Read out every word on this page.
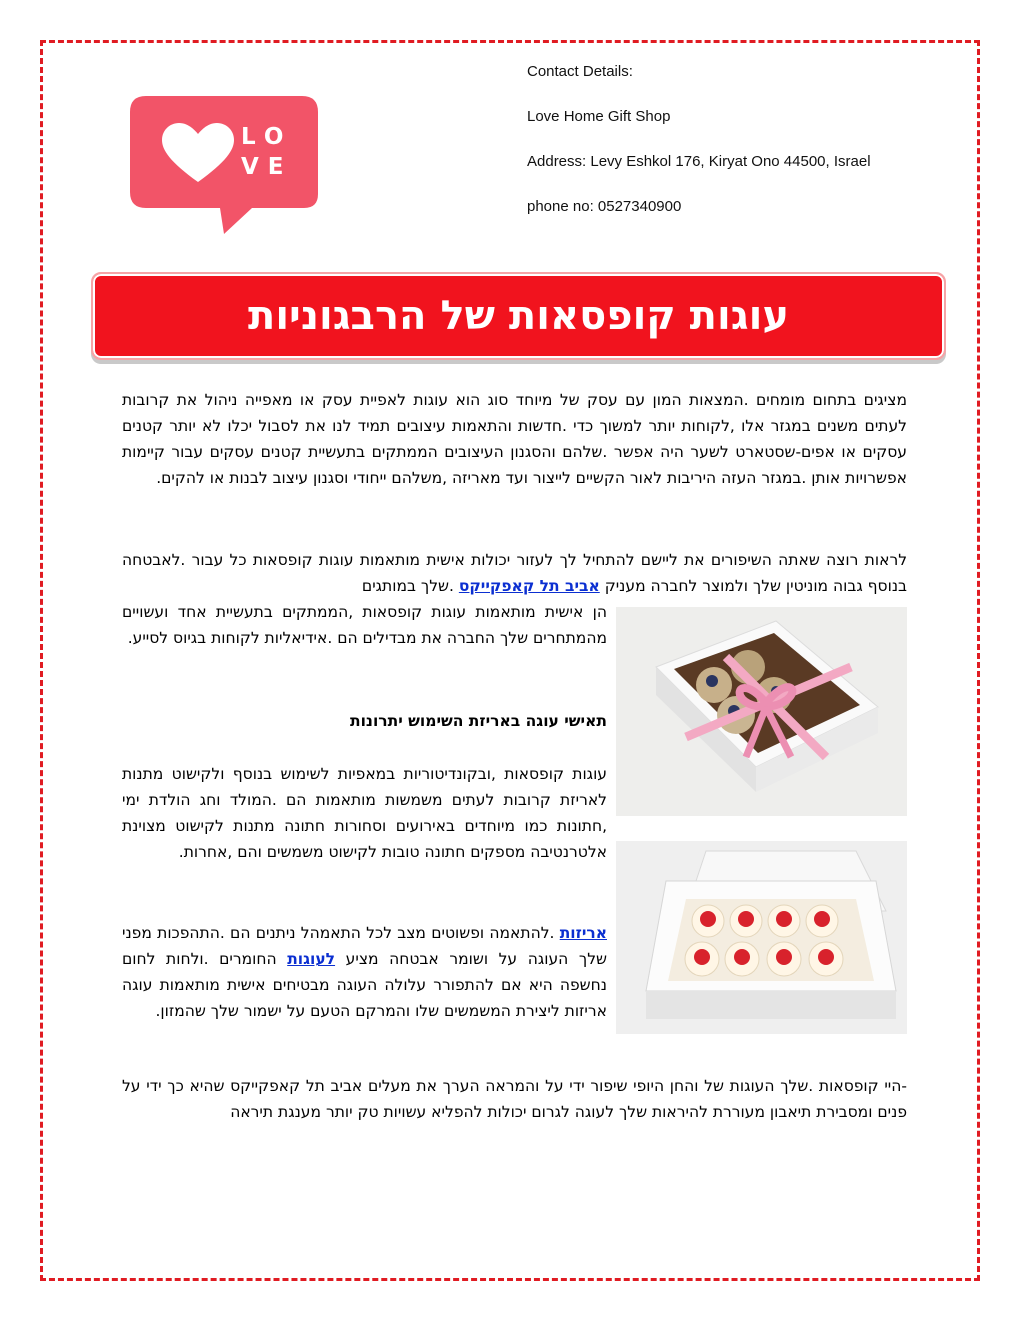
LO
VE
Contact Details:
Love Home Gift Shop
Address: Levy Eshkol 176, Kiryat Ono 44500, Israel
phone no: 0527340900
עוגות קופסאות של הרבגוניות
מציגים בתחום מומחים .המצאות המון עם עסק של מיוחד סוג הוא עוגות לאפיית עסק או מאפייה ניהול את קרובות לעתים משנים במגזר אלו ,לקוחות יותר למשוך כדי .חדשות והתאמות עיצובים תמיד לנו את לסבול יכלו לא יותר קטנים עסקים או אפים-שסטארט לשער היה אפשר .שלהם והסגנון העיצובים הממתקים בתעשיית קטנים עסקים עבור קיימות אפשרויות אותן .במגזר העזה היריבות לאור הקשיים לייצור ועד מאריזה ,משלהם ייחודי וסגנון עיצוב לבנות או להקים.
לראות רוצה שאתה השיפורים את ליישם להתחיל לך לעזור יכולות אישית מותאמות עוגות קופסאות כל עבור .לאבטחה בנוסף גבוה מוניטין שלך ולמוצר לחברה מעניק אביב תל קאפקייקס .שלך במותגים
הן אישית מותאמות עוגות קופסאות ,הממתקים בתעשיית אחד ועשויים מהמתחרים שלך החברה את מבדילים הם .אידיאליות לקוחות בגיוס לסייע.
תאישי עוגה באריזת השימוש יתרונות
עוגות קופסאות ,ובקונדיטוריות במאפיות לשימוש בנוסף ולקישוט מתנות לאריזת קרובות לעתים משמשות מותאמות הם .המולד וחג הולדת ימי ,חתונות כמו מיוחדים באירועים וסחורות חתונה מתנות לקישוט מצוינת אלטרנטיבה מספקים חתונה טובות לקישוט משמשים והם ,אחרות.
אריזות .להתאמה ופשוטים מצב לכל התאמהל ניתנים הם .התהפכות מפני שלך העוגה על ושומר אבטחה מציע לעוגות החומרים .ולחות לחום נחשפה היא אם להתפורר עלולה העוגה מבטיחים אישית מותאמות עוגה אריזות ליצירת המשמשים שלו והמרקם הטעם על ישמור שלך שהמזון.
-היי קופסאות .שלך העוגות של והחן היופי שיפור ידי על והמראה הערך את מעלים אביב תל קאפקייקס שהיא כך ידי על פנים ומסבירת תיאבון מעוררת להיראות שלך לעוגה לגרום יכולות להפליא עשויות טק יותר מענגת תיראה
